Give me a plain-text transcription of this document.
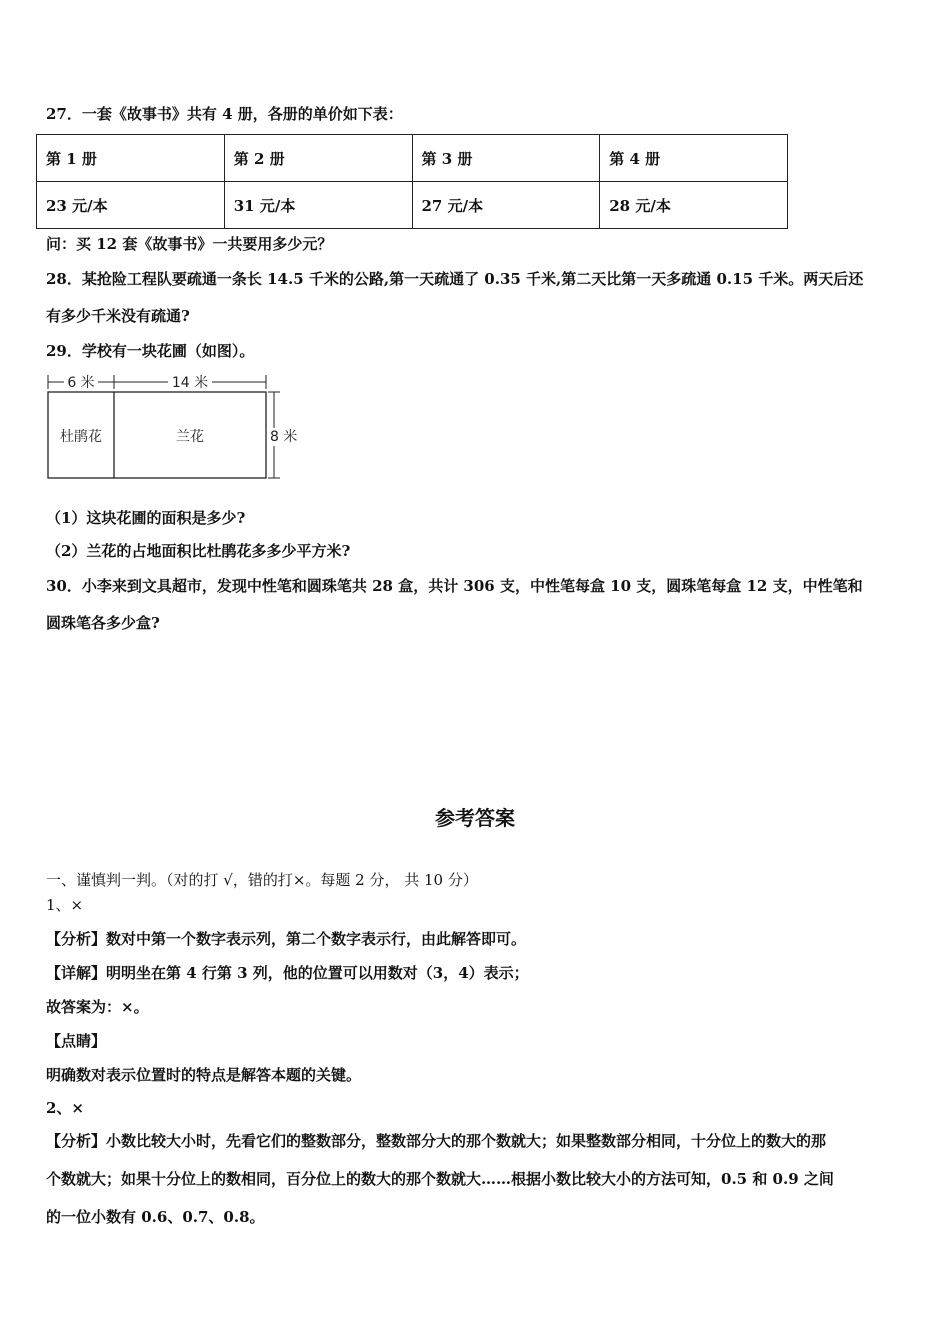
27．一套《故事书》共有 4 册，各册的单价如下表：
第 1 册	第 2 册	第 3 册	第 4 册
23 元/本	31 元/本	27 元/本	28 元/本
问：买 12 套《故事书》一共要用多少元？
28．某抢险工程队要疏通一条长 14.5 千米的公路,第一天疏通了 0.35 千米,第二天比第一天多疏通 0.15 千米。两天后还
有多少千米没有疏通?
29．学校有一块花圃（如图）。
6 米	14 米
杜鹃花	兰花	8 米
（1）这块花圃的面积是多少?
（2）兰花的占地面积比杜鹃花多多少平方米?
30．小李来到文具超市，发现中性笔和圆珠笔共 28 盒，共计 306 支，中性笔每盒 10 支，圆珠笔每盒 12 支，中性笔和
圆珠笔各多少盒?
参考答案
一、谨慎判一判。（对的打 √，错的打×。每题 2 分， 共 10 分）
1、×
【分析】数对中第一个数字表示列，第二个数字表示行，由此解答即可。
【详解】明明坐在第 4 行第 3 列，他的位置可以用数对（3，4）表示；
故答案为：×。
【点睛】
明确数对表示位置时的特点是解答本题的关键。
2、×
【分析】小数比较大小时，先看它们的整数部分，整数部分大的那个数就大；如果整数部分相同，十分位上的数大的那
个数就大；如果十分位上的数相同，百分位上的数大的那个数就大……根据小数比较大小的方法可知，0.5 和 0.9 之间
的一位小数有 0.6、0.7、0.8。
